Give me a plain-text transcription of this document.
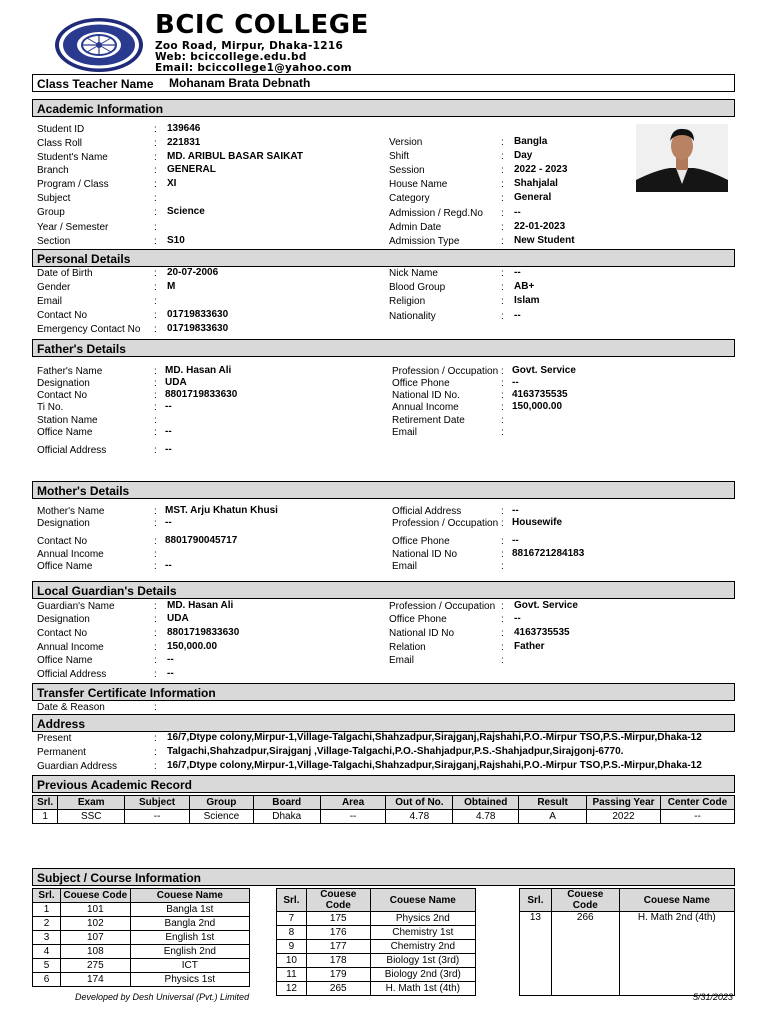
BCIC COLLEGE
Zoo Road, Mirpur, Dhaka-1216
Web: bciccollege.edu.bd
Email: bciccollege1@yahoo.com
Class Teacher Name Mohanam Brata Debnath
Academic Information
Student ID	: 139646
Class Roll	: 221831
Student's Name	: MD. ARIBUL BASAR SAIKAT
Branch	: GENERAL
Program / Class	: XI
Subject	:
Group	: Science
Year / Semester	:
Section	: S10
Version	: Bangla
Shift	: Day
Session	: 2022 - 2023
House Name	: Shahjalal
Category	: General
Admission / Regd.No : --
Admin Date	: 22-01-2023
Admission Type	: New Student
Personal Details
Date of Birth	: 20-07-2006
Gender	: M
Email	:
Contact No	: 01719833630
Emergency Contact No : 01719833630
Nick Name	: --
Blood Group	: AB+
Religion	: Islam
Nationality	: --
Father's Details
Father's Name	: MD. Hasan Ali
Designation	: UDA
Contact No	: 8801719833630
Ti No.	: --
Station Name	:
Office Name	: --
Official Address	: --
Profession / Occupation : Govt. Service
Office Phone	: --
National ID No.	: 4163735535
Annual Income	: 150,000.00
Retirement Date	:
Email	:
Mother's Details
Mother's Name	: MST. Arju Khatun Khusi
Designation	: --
Contact No	: 8801790045717
Annual Income	:
Office Name	: --
Official Address	: --
Profession / Occupation : Housewife
Office Phone	: --
National ID No	: 8816721284183
Email	:
Local Guardian's Details
Guardian's Name	: MD. Hasan Ali
Designation	: UDA
Contact No	: 8801719833630
Annual Income	: 150,000.00
Office Name	: --
Official Address	: --
Profession / Occupation : Govt. Service
Office Phone	: --
National ID No	: 4163735535
Relation	: Father
Email	:
Transfer Certificate Information
Date & Reason	:
Address
Present	: 16/7,Dtype colony,Mirpur-1,Village-Talgachi,Shahzadpur,Sirajganj,Rajshahi,P.O.-Mirpur TSO,P.S.-Mirpur,Dhaka-12
Permanent	: Talgachi,Shahzadpur,Sirajganj ,Village-Talgachi,P.O.-Shahjadpur,P.S.-Shahjadpur,Sirajgonj-6770.
Guardian Address	: 16/7,Dtype colony,Mirpur-1,Village-Talgachi,Shahzadpur,Sirajganj,Rajshahi,P.O.-Mirpur TSO,P.S.-Mirpur,Dhaka-12
Previous Academic Record
Srl.	Exam	Subject	Group	Board	Area	Out of No.	Obtained	Result	Passing Year	Center Code
1	SSC	--	Science	Dhaka	--	4.78	4.78	A	2022	--
Subject / Course Information
Srl.	Couese Code	Couese Name
1	101	Bangla 1st
2	102	Bangla 2nd
3	107	English 1st
4	108	English 2nd
5	275	ICT
6	174	Physics 1st
Srl.	Couese Code	Couese Name
7	175	Physics 2nd
8	176	Chemistry 1st
9	177	Chemistry 2nd
10	178	Biology 1st (3rd)
11	179	Biology 2nd (3rd)
12	265	H. Math 1st (4th)
Srl.	Couese Code	Couese Name
13	266	H. Math 2nd (4th)

Developed by Desh Universal (Pvt.) Limited	5/31/2023
